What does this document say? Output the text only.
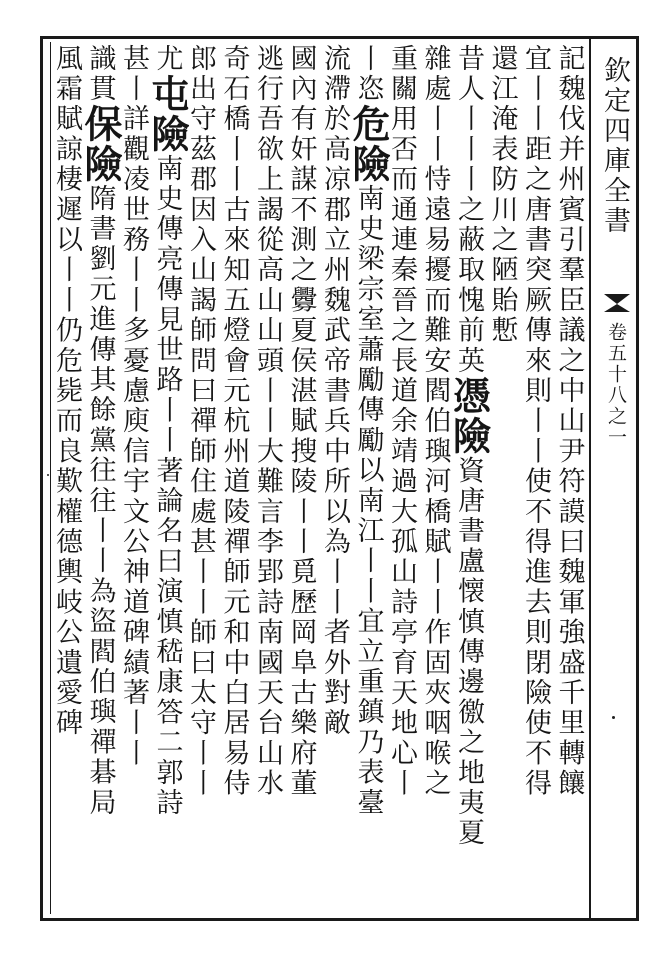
欽定四庫全書
卷五十八之一
記魏伐并州賓引羣臣議之中山尹符謨曰魏軍強盛千里轉饟
宜丨丨距之唐書突厥傳來則丨丨使不得進去則閉險使不得
還江淹表防川之陋貽慙
昔人丨丨丨之蔽取愧前英
憑險
資唐書盧懐慎傳邊徼之地夷夏
雜處丨丨恃遠易擾而難安閻伯璵河橋賦丨丨作固夾咽喉之
重關用否而通連秦晉之長道余靖過大孤山詩亭育天地心丨
丨恣
危險
南史梁宗室蕭勵傳勵以南江丨丨宜立重鎮乃表臺
流滯於高凉郡立州魏武帝書兵中所以為丨丨者外對敵
國內有奸謀不測之釁夏侯湛賦搜陵丨丨覓歷岡阜古樂府董
逃行吾欲上謁從高山山頭丨丨大難言李郢詩南國天台山水
奇石橋丨丨古來知五燈會元杭州道陵禪師元和中白居易侍
郎出守茲郡因入山謁師問曰禪師住處甚丨丨師曰太守丨丨
尤
屯險
南史傳亮傳見世路丨丨著論名曰演慎嵇康答二郭詩
甚丨詳觀凌世務丨丨多憂慮庾信宇文公神道碑績著丨丨
識貫
保險
隋書劉元進傳其餘黨往往丨丨為盜閻伯璵禪碁局
風霜賦諒棲遲以丨丨仍危毙而良歎權德輿岐公遺愛碑
